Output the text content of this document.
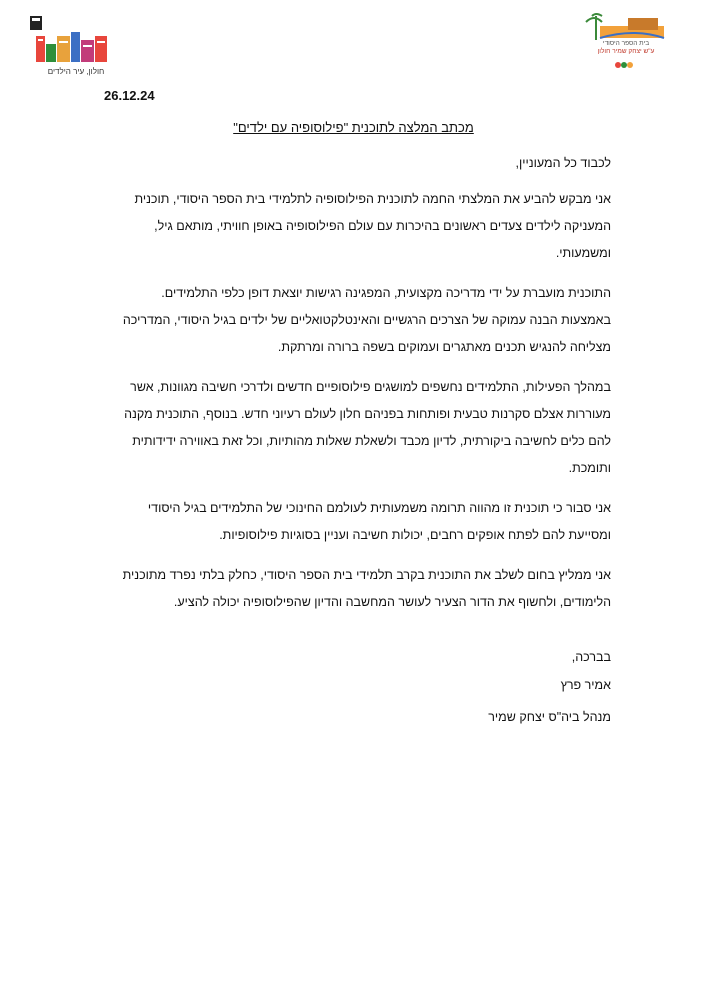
חולון, עיר הילדים
בית הספר היסודי
ע"ש יצחק שמיר חולון
26.12.24
מכתב המלצה לתוכנית "פילוסופיה עם ילדים"
לכבוד כל המעוניין,

אני מבקש להביע את המלצתי החמה לתוכנית הפילוסופיה לתלמידי בית הספר היסודי, תוכנית המעניקה לילדים צעדים ראשונים בהיכרות עם עולם הפילוסופיה באופן חוויתי, מותאם גיל, ומשמעותי.

התוכנית מועברת על ידי מדריכה מקצועית, המפגינה רגישות יוצאת דופן כלפי התלמידים. באמצעות הבנה עמוקה של הצרכים הרגשיים והאינטלקטואליים של ילדים בגיל היסודי, המדריכה מצליחה להנגיש תכנים מאתגרים ועמוקים בשפה ברורה ומרתקת.

במהלך הפעילות, התלמידים נחשפים למושגים פילוסופיים חדשים ולדרכי חשיבה מגוונות, אשר מעוררות אצלם סקרנות טבעית ופותחות בפניהם חלון לעולם רעיוני חדש. בנוסף, התוכנית מקנה להם כלים לחשיבה ביקורתית, לדיון מכבד ולשאלת שאלות מהותיות, וכל זאת באווירה ידידותית ותומכת.

אני סבור כי תוכנית זו מהווה תרומה משמעותית לעולמם החינוכי של התלמידים בגיל היסודי ומסייעת להם לפתח אופקים רחבים, יכולות חשיבה ועניין בסוגיות פילוסופיות.

אני ממליץ בחום לשלב את התוכנית בקרב תלמידי בית הספר היסודי, כחלק בלתי נפרד מתוכנית הלימודים, ולחשוף את הדור הצעיר לעושר המחשבה והדיון שהפילוסופיה יכולה להציע.

בברכה,
אמיר פרץ
מנהל ביה"ס יצחק שמיר
